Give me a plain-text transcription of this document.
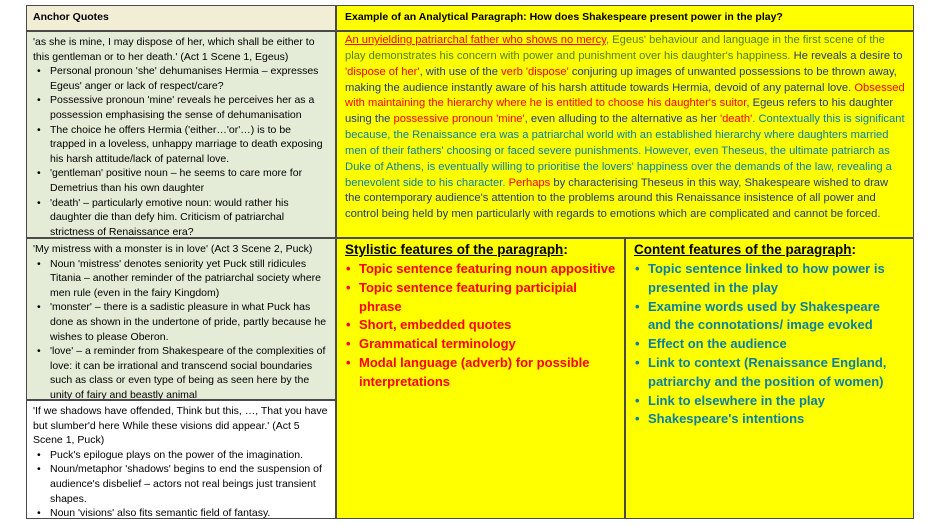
Anchor Quotes	Example of an Analytical Paragraph: How does Shakespeare present power in the play?

'as she is mine, I may dispose of her, which shall be either to this gentleman or to her death.' (Act 1 Scene 1, Egeus)

• Personal pronoun 'she' dehumanises Hermia – expresses Egeus' anger or lack of respect/care?
• Possessive pronoun 'mine' reveals he perceives her as a possession emphasising the sense of dehumanisation
• The choice he offers Hermia ('either…'or'…) is to be trapped in a loveless, unhappy marriage to death exposing his harsh attitude/lack of paternal love.
• 'gentleman' positive noun – he seems to care more for Demetrius than his own daughter
• 'death' – particularly emotive noun: would rather his daughter die than defy him. Criticism of patriarchal strictness of Renaissance era?

'My mistress with a monster is in love' (Act 3 Scene 2, Puck)

• Noun 'mistress' denotes seniority yet Puck still ridicules Titania – another reminder of the patriarchal society where men rule (even in the fairy Kingdom)
• 'monster' – there is a sadistic pleasure in what Puck has done as shown in the undertone of pride, partly because he wishes to please Oberon.
• 'love' – a reminder from Shakespeare of the complexities of love: it can be irrational and transcend social boundaries such as class or even type of being as seen here by the unity of fairy and beastly animal

'If we shadows have offended, Think but this, …, That you have but slumber'd here While these visions did appear.' (Act 5 Scene 1, Puck)

• Puck's epilogue plays on the power of the imagination.
• Noun/metaphor 'shadows' begins to end the suspension of audience's disbelief – actors not real beings just transient shapes.
• Noun 'visions' also fits semantic field of fantasy.
An unyielding patriarchal father who shows no mercy, Egeus' behaviour and language in the first scene of the play demonstrates his concern with power and punishment over his daughter's happiness. He reveals a desire to 'dispose of her', with use of the verb 'dispose' conjuring up images of unwanted possessions to be thrown away, making the audience instantly aware of his harsh attitude towards Hermia, devoid of any paternal love. Obsessed with maintaining the hierarchy where he is entitled to choose his daughter's suitor, Egeus refers to his daughter using the possessive pronoun 'mine', even alluding to the alternative as her 'death'. Contextually this is significant because, the Renaissance era was a patriarchal world with an established hierarchy where daughters married men of their fathers' choosing or faced severe punishments. However, even Theseus, the ultimate patriarch as Duke of Athens, is eventually willing to prioritise the lovers' happiness over the demands of the law, revealing a benevolent side to his character. Perhaps by characterising Theseus in this way, Shakespeare wished to draw the contemporary audience's attention to the problems around this Renaissance insistence of all power and control being held by men particularly with regards to emotions which are complicated and cannot be forced.
Stylistic features of the paragraph:
• Topic sentence featuring noun appositive
• Topic sentence featuring participial phrase
• Short, embedded quotes
• Grammatical terminology
• Modal language (adverb) for possible interpretations
Content features of the paragraph:
• Topic sentence linked to how power is presented in the play
• Examine words used by Shakespeare and the connotations/ image evoked
• Effect on the audience
• Link to context (Renaissance England, patriarchy and the position of women)
• Link to elsewhere in the play
• Shakespeare's intentions
